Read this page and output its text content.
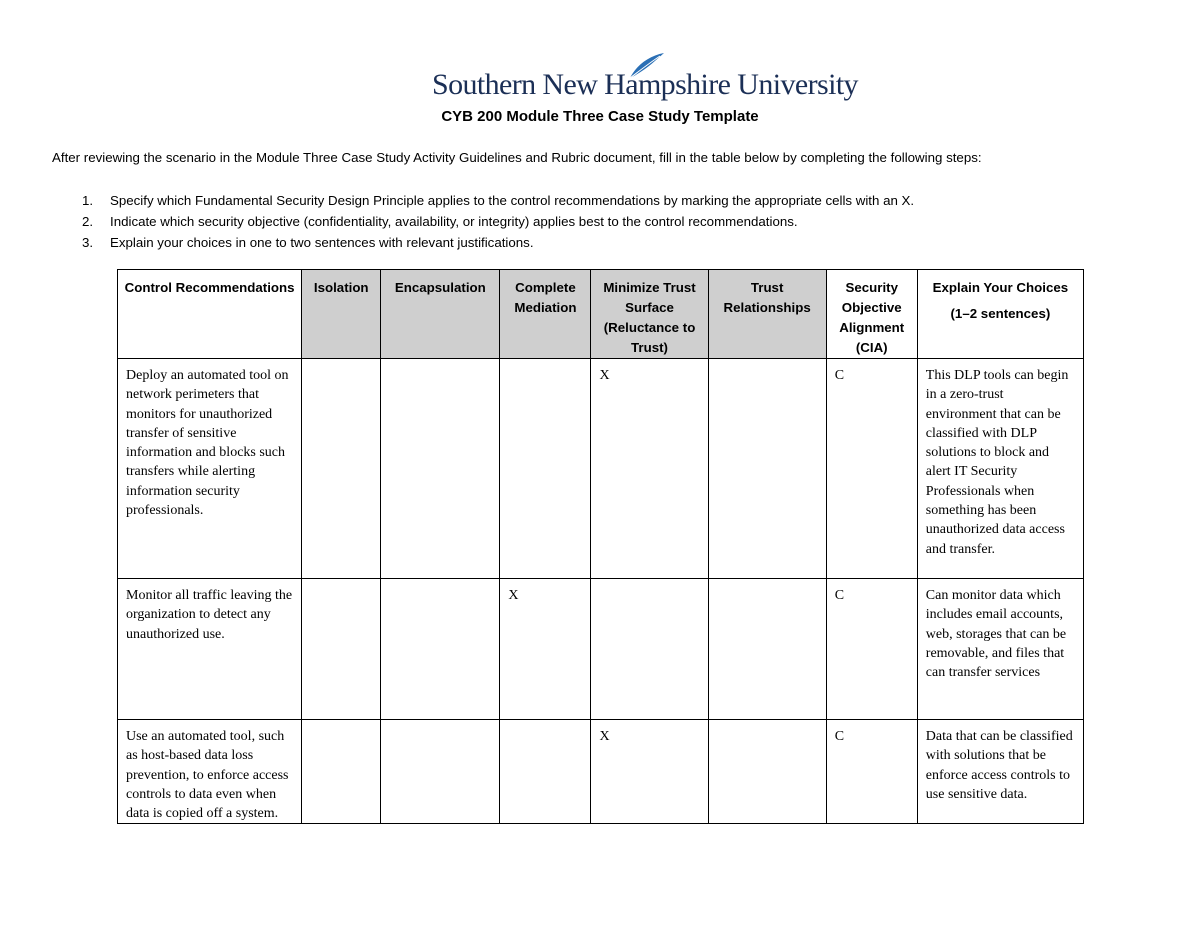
Southern New Hampshire University
CYB 200 Module Three Case Study Template
After reviewing the scenario in the Module Three Case Study Activity Guidelines and Rubric document, fill in the table below by completing the following steps:
1. Specify which Fundamental Security Design Principle applies to the control recommendations by marking the appropriate cells with an X.
2. Indicate which security objective (confidentiality, availability, or integrity) applies best to the control recommendations.
3. Explain your choices in one to two sentences with relevant justifications.
Control Recommendations	Isolation	Encapsulation	Complete Mediation	Minimize Trust Surface (Reluctance to Trust)	Trust Relationships	Security Objective Alignment (CIA)	Explain Your Choices
(1–2 sentences)

Deploy an automated tool on network perimeters that monitors for unauthorized transfer of sensitive information and blocks such transfers while alerting information security professionals.				X		C	This DLP tools can begin in a zero-trust environment that can be classified with DLP solutions to block and alert IT Security Professionals when something has been unauthorized data access and transfer.
Monitor all traffic leaving the organization to detect any unauthorized use.			X			C	Can monitor data which includes email accounts, web, storages that can be removable, and files that can transfer services
Use an automated tool, such as host-based data loss prevention, to enforce access controls to data even when data is copied off a system.				X		C	Data that can be classified with solutions that be enforce access controls to use sensitive data.
